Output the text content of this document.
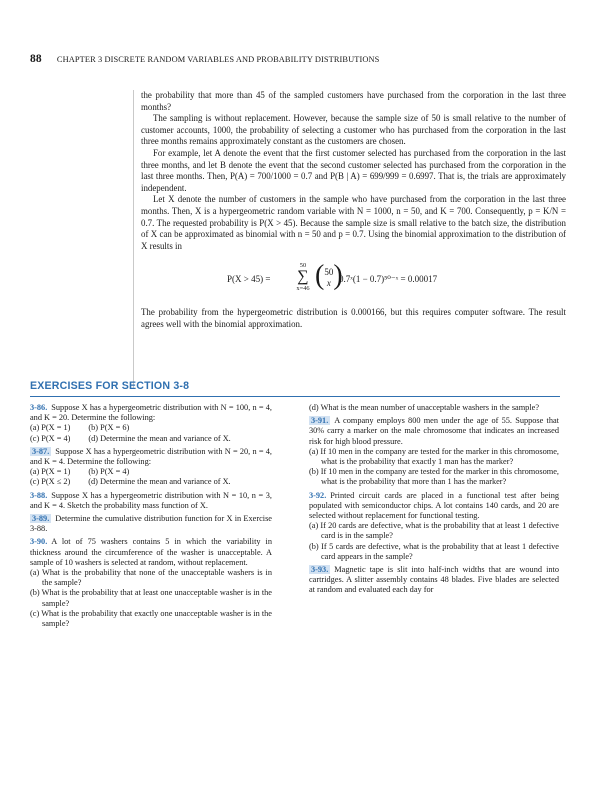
88 CHAPTER 3 DISCRETE RANDOM VARIABLES AND PROBABILITY DISTRIBUTIONS

the probability that more than 45 of the sampled customers have purchased from the corporation in the last three months?

The sampling is without replacement. However, because the sample size of 50 is small relative to the number of customer accounts, 1000, the probability of selecting a customer who has purchased from the corporation in the last three months remains approximately constant as the customers are chosen.

For example, let A denote the event that the first customer selected has purchased from the corporation in the last three months, and let B denote the event that the second customer selected has purchased from the corporation in the last three months. Then, P(A) = 700/1000 = 0.7 and P(B | A) = 699/999 = 0.6997. That is, the trials are approximately independent.

Let X denote the number of customers in the sample who have purchased from the corporation in the last three months. Then, X is a hypergeometric random variable with N = 1000, n = 50, and K = 700. Consequently, p = K/N = 0.7. The requested probability is P(X > 45). Because the sample size is small relative to the batch size, the distribution of X can be approximated as binomial with n = 50 and p = 0.7. Using the binomial approximation to the distribution of X results in

P(X > 45) =
50
∑
x=46 (50
x)
0.7ˣ(1 − 0.7)⁵⁰⁻ˣ = 0.00017

The probability from the hypergeometric distribution is 0.000166, but this requires computer software. The result agrees well with the binomial approximation.

EXERCISES FOR SECTION 3-8

3-86. Suppose X has a hypergeometric distribution with N = 100, n = 4, and K = 20. Determine the following:

(a) P(X = 1) (b) P(X = 6)
(c) P(X = 4) (d) Determine the mean and variance of X.

3-87. Suppose X has a hypergeometric distribution with N = 20, n = 4, and K = 4. Determine the following:

(a) P(X = 1) (b) P(X = 4)
(c) P(X ≤ 2) (d) Determine the mean and variance of X.

3-88. Suppose X has a hypergeometric distribution with N = 10, n = 3, and K = 4. Sketch the probability mass function of X.

3-89. Determine the cumulative distribution function for X in Exercise 3-88.

3-90. A lot of 75 washers contains 5 in which the variability in thickness around the circumference of the washer is unacceptable. A sample of 10 washers is selected at random, without replacement.

(a) What is the probability that none of the unacceptable washers is in the sample?

(b) What is the probability that at least one unacceptable washer is in the sample?

(c) What is the probability that exactly one unacceptable washer is in the sample?

(d) What is the mean number of unacceptable washers in the sample?

3-91. A company employs 800 men under the age of 55. Suppose that 30% carry a marker on the male chromosome that indicates an increased risk for high blood pressure.

(a) If 10 men in the company are tested for the marker in this chromosome, what is the probability that exactly 1 man has the marker?

(b) If 10 men in the company are tested for the marker in this chromosome, what is the probability that more than 1 has the marker?

3-92. Printed circuit cards are placed in a functional test after being populated with semiconductor chips. A lot contains 140 cards, and 20 are selected without replacement for functional testing.

(a) If 20 cards are defective, what is the probability that at least 1 defective card is in the sample?

(b) If 5 cards are defective, what is the probability that at least 1 defective card appears in the sample?

3-93. Magnetic tape is slit into half-inch widths that are wound into cartridges. A slitter assembly contains 48 blades. Five blades are selected at random and evaluated each day for
